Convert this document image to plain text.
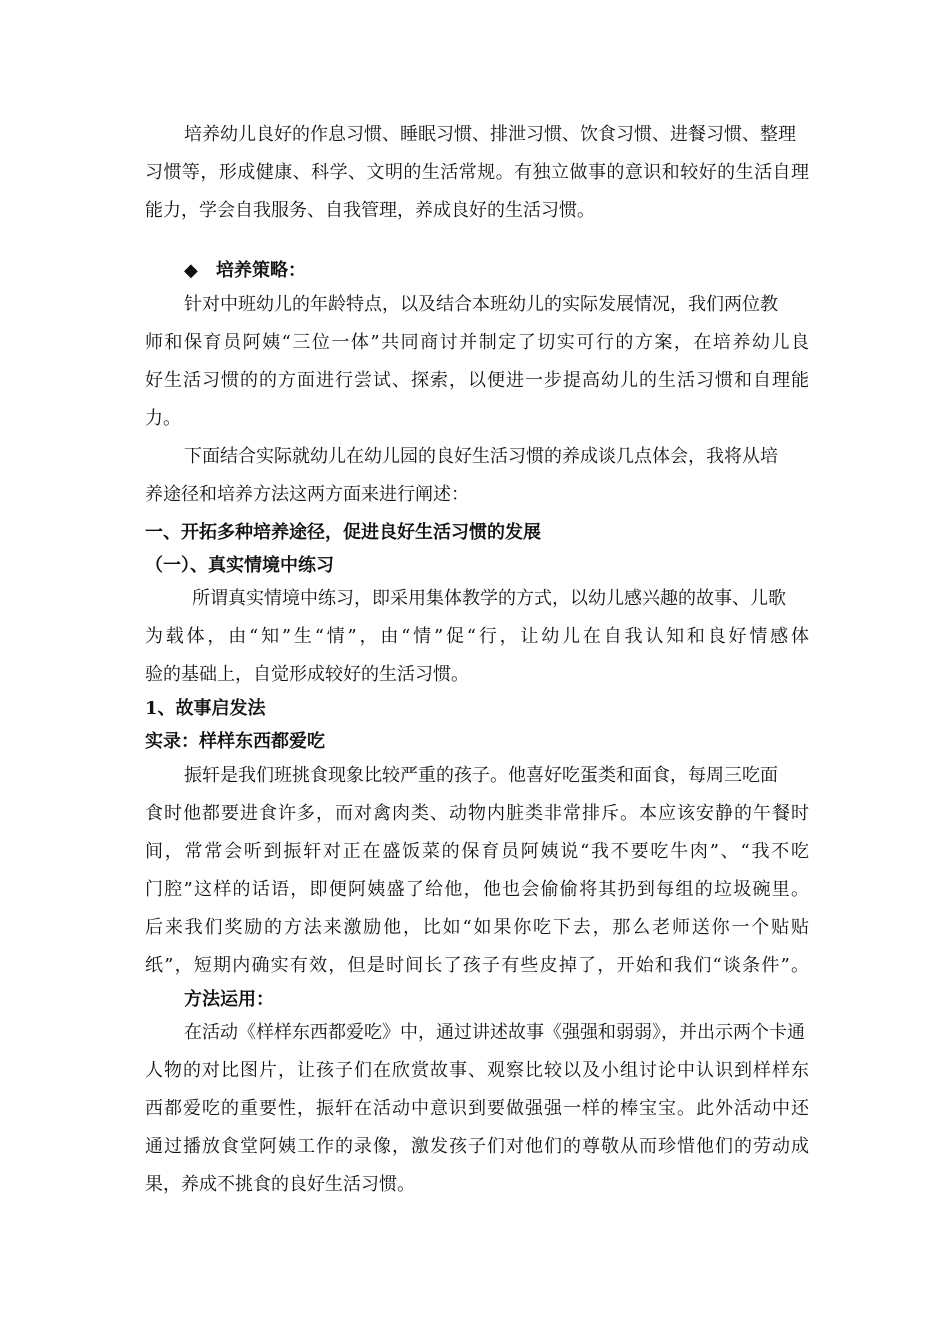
培养幼儿良好的作息习惯、睡眠习惯、排泄习惯、饮食习惯、进餐习惯、整理
习惯等，形成健康、科学、文明的生活常规。有独立做事的意识和较好的生活自理
能力，学会自我服务、自我管理，养成良好的生活习惯。
◆ 培养策略：
针对中班幼儿的年龄特点，以及结合本班幼儿的实际发展情况，我们两位教
师和保育员阿姨“三位一体”共同商讨并制定了切实可行的方案，在培养幼儿良
好生活习惯的的方面进行尝试、探索，以便进一步提高幼儿的生活习惯和自理能
力。
下面结合实际就幼儿在幼儿园的良好生活习惯的养成谈几点体会，我将从培
养途径和培养方法这两方面来进行阐述：
一、开拓多种培养途径，促进良好生活习惯的发展
（一）、真实情境中练习
所谓真实情境中练习，即采用集体教学的方式，以幼儿感兴趣的故事、儿歌
为载体，由“知”生“情”，由“情”促“行，让幼儿在自我认知和良好情感体
验的基础上，自觉形成较好的生活习惯。
1、故事启发法
实录：样样东西都爱吃
振轩是我们班挑食现象比较严重的孩子。他喜好吃蛋类和面食，每周三吃面
食时他都要进食许多，而对禽肉类、动物内脏类非常排斥。本应该安静的午餐时
间，常常会听到振轩对正在盛饭菜的保育员阿姨说“我不要吃牛肉”、“我不吃
门腔”这样的话语，即便阿姨盛了给他，他也会偷偷将其扔到每组的垃圾碗里。
后来我们奖励的方法来激励他，比如“如果你吃下去，那么老师送你一个贴贴
纸”，短期内确实有效，但是时间长了孩子有些皮掉了，开始和我们“谈条件”。
方法运用：
在活动《样样东西都爱吃》中，通过讲述故事《强强和弱弱》，并出示两个卡通
人物的对比图片，让孩子们在欣赏故事、观察比较以及小组讨论中认识到样样东
西都爱吃的重要性，振轩在活动中意识到要做强强一样的棒宝宝。此外活动中还
通过播放食堂阿姨工作的录像，激发孩子们对他们的尊敬从而珍惜他们的劳动成
果，养成不挑食的良好生活习惯。
